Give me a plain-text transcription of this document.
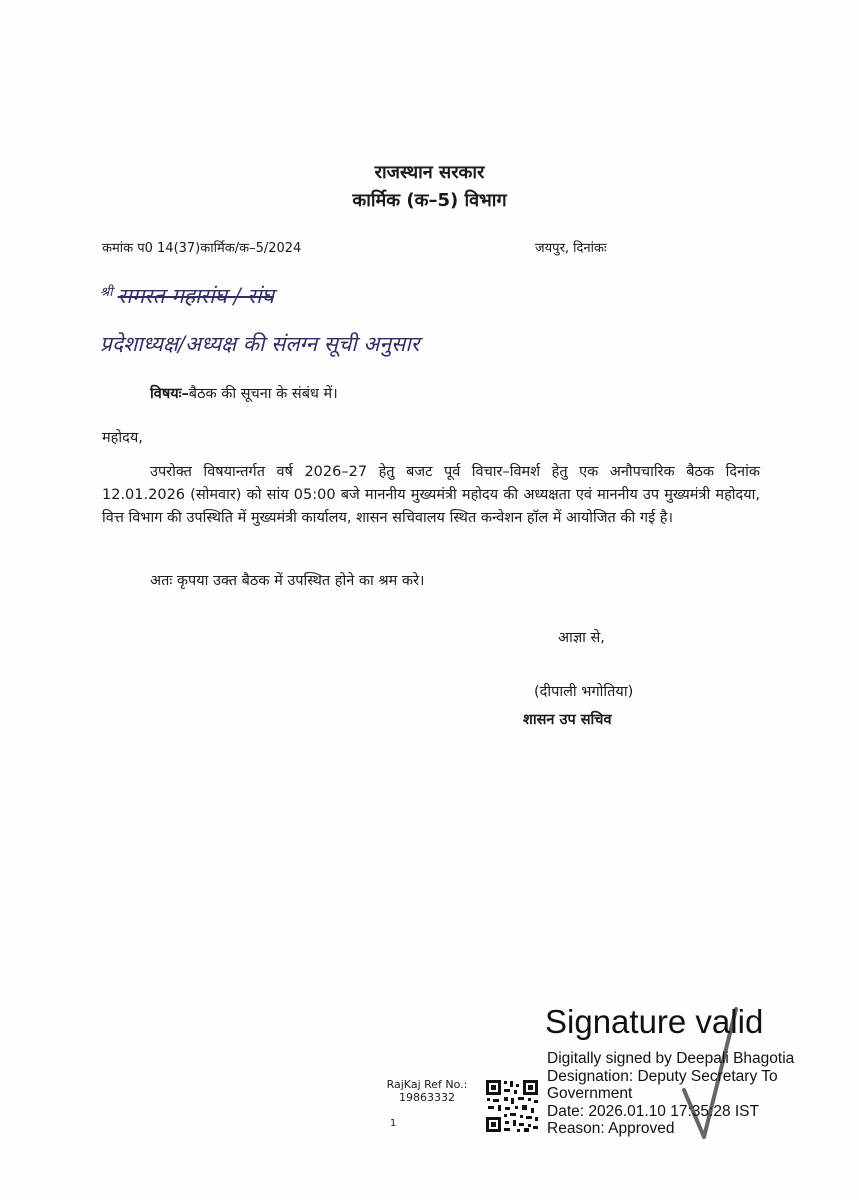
राजस्थान सरकार
कार्मिक (क–5) विभाग
कमांक प0 14(37)कार्मिक/क–5/2024	जयपुर, दिनांकः
$^{श्री}$ समस्त महासंघ / संघ
प्रदेशाध्यक्ष/अध्यक्ष की संलग्न सूची अनुसार
विषयः–बैठक की सूचना के संबंध में।
महोदय,
उपरोक्त विषयान्तर्गत वर्ष 2026–27 हेतु बजट पूर्व विचार–विमर्श हेतु एक अनौपचारिक बैठक दिनांक 12.01.2026 (सोमवार) को सांय 05:00 बजे माननीय मुख्यमंत्री महोदय की अध्यक्षता एवं माननीय उप मुख्यमंत्री महोदया, वित्त विभाग की उपस्थिति में मुख्यमंत्री कार्यालय, शासन सचिवालय स्थित कन्वेशन हॉल में आयोजित की गई है।
अतः कृपया उक्त बैठक में उपस्थित होने का श्रम करे।
आज्ञा से,
(दीपाली भगोतिया)
शासन उप सचिव
RajKaj Ref No.:
19863332
1
Signature valid
Digitally signed by Deepali Bhagotia
Designation: Deputy Secretary To
Government
Date: 2026.01.10 17:35:28 IST
Reason: Approved
